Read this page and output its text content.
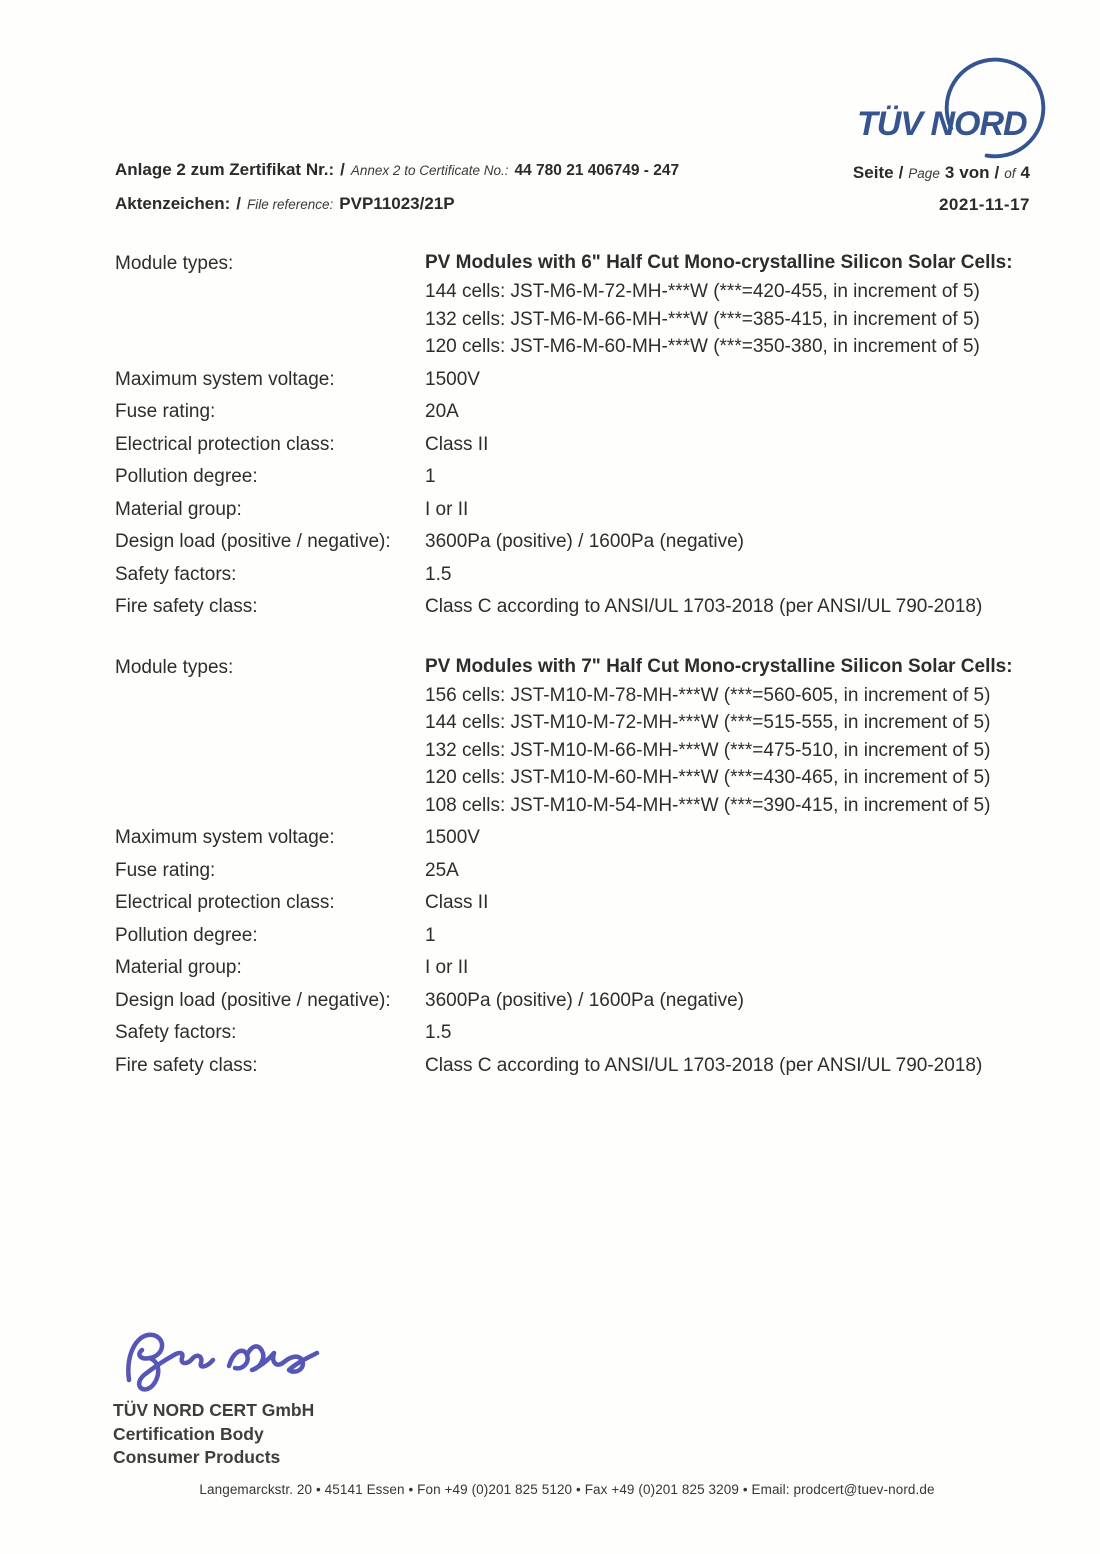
TÜV NORD
Anlage 2 zum Zertifikat Nr.: / Annex 2 to Certificate No.: 44 780 21 406749 - 247
Aktenzeichen: / File reference: PVP11023/21P
Seite / Page 3 von / of 4
2021-11-17
Module types:	PV Modules with 6" Half Cut Mono-crystalline Silicon Solar Cells:
144 cells: JST-M6-M-72-MH-***W (***=420-455, in increment of 5)
132 cells: JST-M6-M-66-MH-***W (***=385-415, in increment of 5)
120 cells: JST-M6-M-60-MH-***W (***=350-380, in increment of 5)
Maximum system voltage:	1500V
Fuse rating:	20A
Electrical protection class:	Class II
Pollution degree:	1
Material group:	I or II
Design load (positive / negative):	3600Pa (positive) / 1600Pa (negative)
Safety factors:	1.5
Fire safety class:	Class C according to ANSI/UL 1703-2018 (per ANSI/UL 790-2018)
Module types:	PV Modules with 7" Half Cut Mono-crystalline Silicon Solar Cells:
156 cells: JST-M10-M-78-MH-***W (***=560-605, in increment of 5)
144 cells: JST-M10-M-72-MH-***W (***=515-555, in increment of 5)
132 cells: JST-M10-M-66-MH-***W (***=475-510, in increment of 5)
120 cells: JST-M10-M-60-MH-***W (***=430-465, in increment of 5)
108 cells: JST-M10-M-54-MH-***W (***=390-415, in increment of 5)
Maximum system voltage:	1500V
Fuse rating:	25A
Electrical protection class:	Class II
Pollution degree:	1
Material group:	I or II
Design load (positive / negative):	3600Pa (positive) / 1600Pa (negative)
Safety factors:	1.5
Fire safety class:	Class C according to ANSI/UL 1703-2018 (per ANSI/UL 790-2018)
TÜV NORD CERT GmbH
Certification Body
Consumer Products
Langemarckstr. 20 • 45141 Essen • Fon +49 (0)201 825 5120 • Fax +49 (0)201 825 3209 • Email: prodcert@tuev-nord.de
